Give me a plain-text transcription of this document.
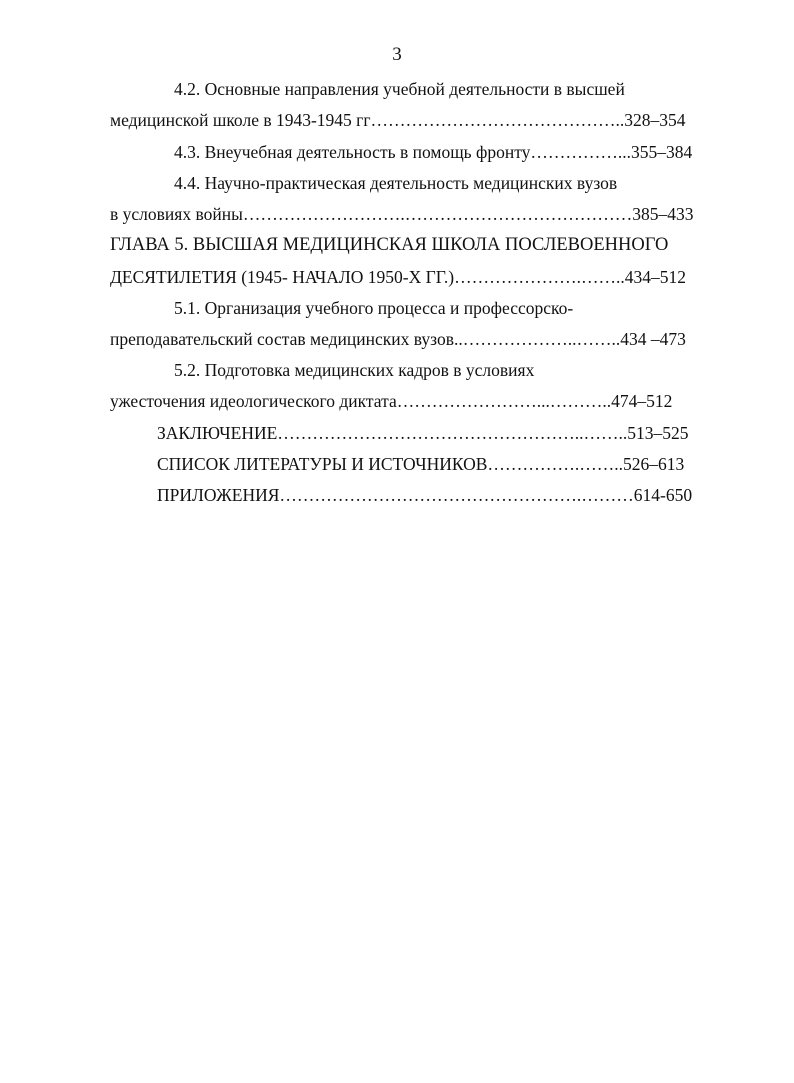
3
4.2. Основные направления учебной деятельности в высшей
медицинской школе в 1943-1945 гг……………………………………..328–354
4.3. Внеучебная деятельность в помощь фронту……………...355–384
4.4. Научно-практическая деятельность медицинских вузов
в условиях войны……………………….…………………………………385–433
ГЛАВА 5. ВЫСШАЯ МЕДИЦИНСКАЯ ШКОЛА ПОСЛЕВОЕННОГО
ДЕСЯТИЛЕТИЯ (1945- НАЧАЛО 1950-Х ГГ.)………………….……..434–512
5.1. Организация учебного процесса и профессорско-
преподавательский состав медицинских вузов..………………..……..434 –473
5.2. Подготовка медицинских кадров в условиях
ужесточения идеологического диктата……………………...………..474–512
ЗАКЛЮЧЕНИЕ……………………………………………..……..513–525
СПИСОК ЛИТЕРАТУРЫ И ИСТОЧНИКОВ…………….……..526–613
ПРИЛОЖЕНИЯ…………………………………………….………614-650
